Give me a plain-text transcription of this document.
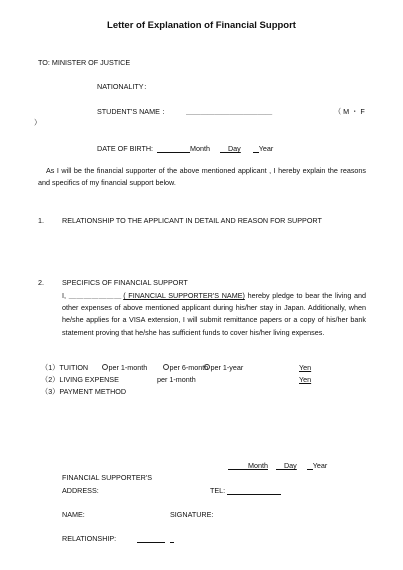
Letter of Explanation of Financial Support
TO: MINISTER OF JUSTICE
NATIONALITY：
STUDENT'S NAME ： ＿ ＿ ＿ ＿ ＿ ＿ ＿ ＿ ＿ ＿ ＿ ＿	（ M ・ F
）
DATE OF BIRTH:	Month	Day	Year
As I will be the financial supporter of the above mentioned applicant , I hereby explain the reasons and specifics of my financial support below.
1.	RELATIONSHIP TO THE APPLICANT IN DETAIL AND REASON FOR SUPPORT
2.	SPECIFICS OF FINANCIAL SUPPORT
I, ＿ ＿ ＿ ＿ ＿ ＿ ＿ ( FINANCIAL SUPPORTER'S NAME) hereby pledge to bear the living and other expenses of above mentioned applicant during his/her stay in Japan. Additionally, when he/she applies for a VISA extension, I will submit remittance papers or a copy of his/her bank statement proving that he/she has sufficient funds to cover his/her living expenses.
（1）TUITION	per 1-month	per 6-month per 1-year	Yen
（2）LIVING EXPENSE	per 1-month	Yen
（3）PAYMENT METHOD
Month Day Year
FINANCIAL SUPPORTER'S
ADDRESS:	TEL:
NAME:	SIGNATURE:
RELATIONSHIP:
